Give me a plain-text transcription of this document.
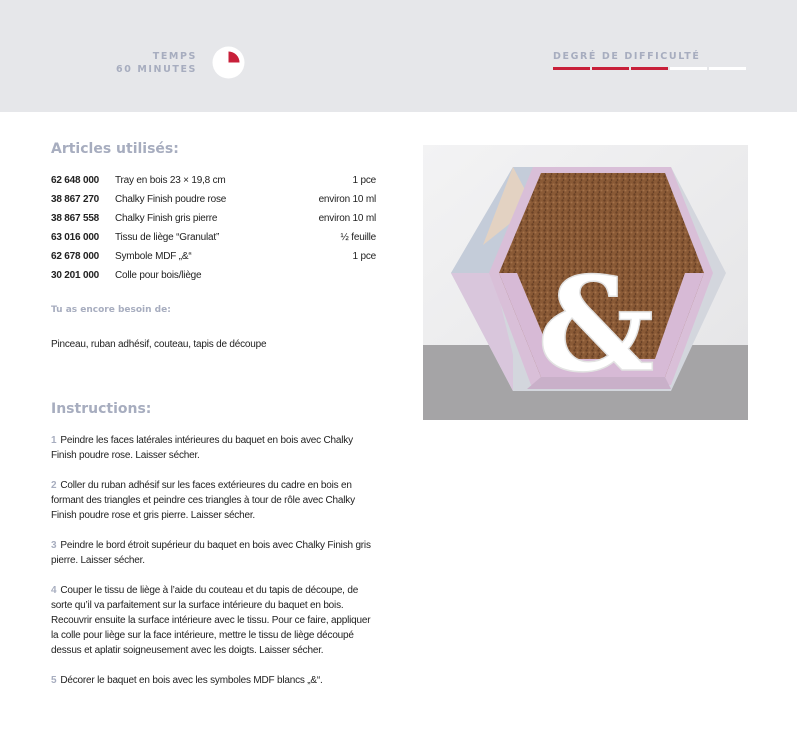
TEMPS
60 MINUTES
DEGRÉ DE DIFFICULTÉ
Articles utilisés:
62 648 000 Tray en bois 23 × 19,8 cm	1 pce
38 867 270 Chalky Finish poudre rose	environ 10 ml
38 867 558 Chalky Finish gris pierre	environ 10 ml
63 016 000 Tissu de liège “Granulat”	½ feuille
62 678 000 Symbole MDF „&“	1 pce
30 201 000 Colle pour bois/liège
Tu as encore besoin de:
Pinceau, ruban adhésif, couteau, tapis de découpe
Instructions:

1 Peindre les faces latérales intérieures du baquet en bois avec Chalky Finish poudre rose. Laisser sécher.

2 Coller du ruban adhésif sur les faces extérieures du cadre en bois en formant des triangles et peindre ces triangles à tour de rôle avec Chalky Finish poudre rose et gris pierre. Laisser sécher.

3 Peindre le bord étroit supérieur du baquet en bois avec Chalky Finish gris pierre. Laisser sécher.

4 Couper le tissu de liège à l’aide du couteau et du tapis de découpe, de sorte qu’il va parfaitement sur la surface intérieure du baquet en bois. Recouvrir ensuite la surface intérieure avec le tissu. Pour ce faire, appliquer la colle pour liège sur la face intérieure, mettre le tissu de liège découpé dessus et aplatir soigneusement avec les doigts. Laisser sécher.

5 Décorer le baquet en bois avec les symboles MDF blancs „&“.

&
